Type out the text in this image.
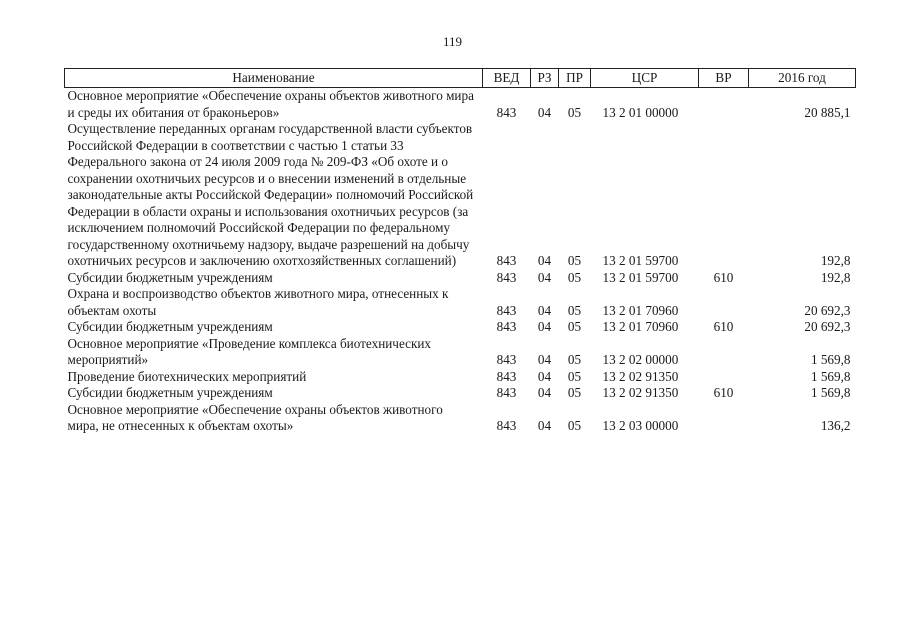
119
Наименование	ВЕД	РЗ	ПР	ЦСР	ВР	2016 год
Основное мероприятие «Обеспечение охраны объектов животного мира и среды их обитания от браконьеров»	843	04	05	13 2 01 00000		20 885,1
Осуществление переданных органам государственной власти субъектов Российской Федерации в соответствии с частью 1 статьи 33 Федерального закона от 24 июля 2009 года № 209-ФЗ «Об охоте и о сохранении охотничьих ресурсов и о внесении изменений в отдельные законодательные акты Российской Федерации» полномочий Российской Федерации в области охраны и использования охотничьих ресурсов (за исключением полномочий Российской Федерации по федеральному государственному охотничьему надзору, выдаче разрешений на добычу охотничьих ресурсов и заключению охотхозяйственных соглашений)	843	04	05	13 2 01 59700		192,8
Субсидии бюджетным учреждениям	843	04	05	13 2 01 59700	610	192,8
Охрана и воспроизводство объектов животного мира, отнесенных к объектам охоты	843	04	05	13 2 01 70960		20 692,3
Субсидии бюджетным учреждениям	843	04	05	13 2 01 70960	610	20 692,3
Основное мероприятие «Проведение комплекса биотехнических мероприятий»	843	04	05	13 2 02 00000		1 569,8
Проведение биотехнических мероприятий	843	04	05	13 2 02 91350		1 569,8
Субсидии бюджетным учреждениям	843	04	05	13 2 02 91350	610	1 569,8
Основное мероприятие «Обеспечение охраны объектов животного мира, не отнесенных к объектам охоты»	843	04	05	13 2 03 00000		136,2
